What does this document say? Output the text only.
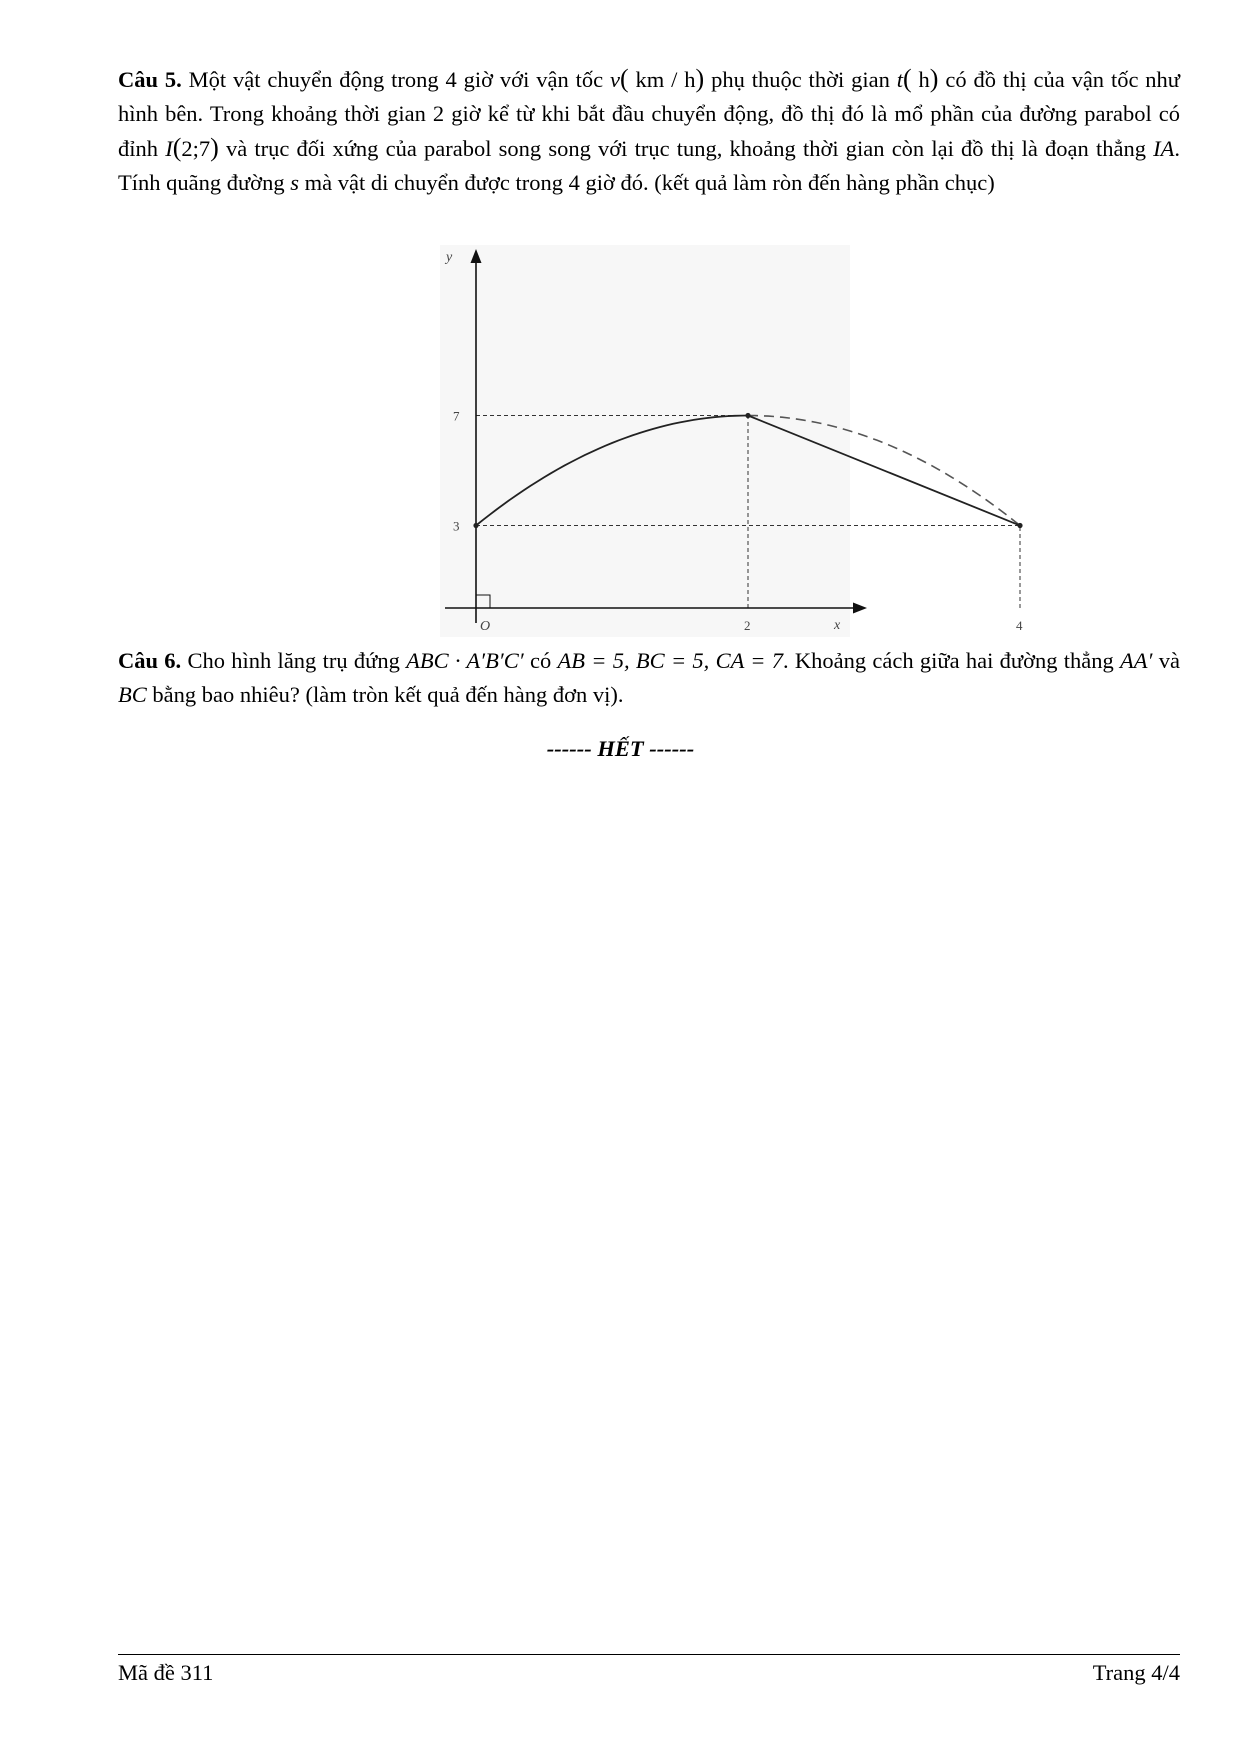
Câu 5. Một vật chuyển động trong 4 giờ với vận tốc v( km / h) phụ thuộc thời gian t( h) có đồ thị của vận tốc như hình bên. Trong khoảng thời gian 2 giờ kể từ khi bắt đầu chuyển động, đồ thị đó là mổ phần của đường parabol có đỉnh I(2;7) và trục đối xứng của parabol song song với trục tung, khoảng thời gian còn lại đồ thị là đoạn thẳng IA. Tính quãng đường s mà vật di chuyển được trong 4 giờ đó. (kết quả làm ròn đến hàng phần chục)
y
x
O
7
3
2	4
Câu 6. Cho hình lăng trụ đứng ABC · A′B′C′ có AB = 5, BC = 5, CA = 7. Khoảng cách giữa hai đường thẳng AA′ và BC bằng bao nhiêu? (làm tròn kết quả đến hàng đơn vị).
------ HẾT ------
Mã đề 311	Trang 4/4
